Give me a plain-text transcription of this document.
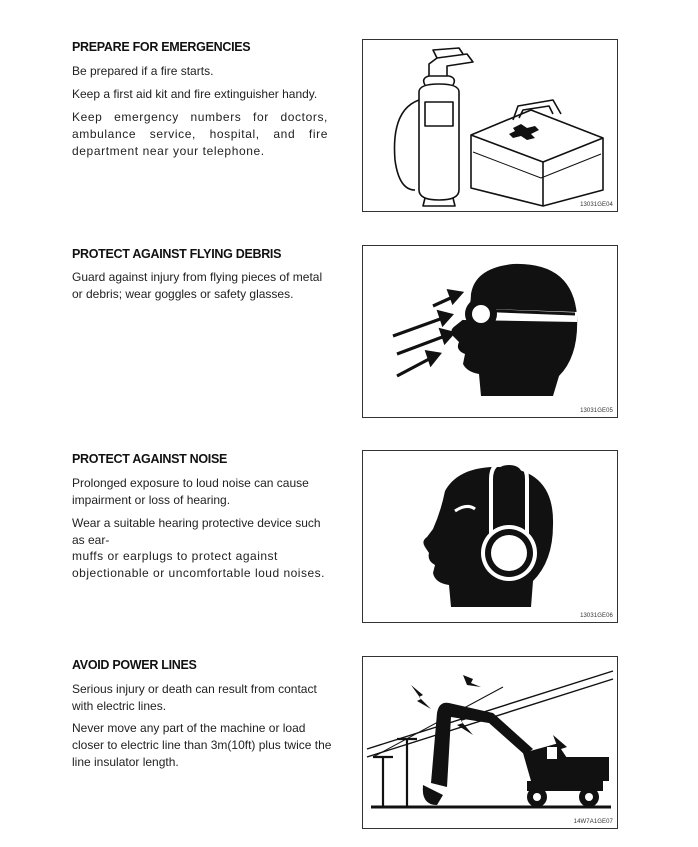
PREPARE FOR EMERGENCIES
Be prepared if a fire starts.
Keep a first aid kit and fire extinguisher handy.
Keep emergency numbers for doctors, ambulance service, hospital, and fire department near your telephone.
13031GE04
PROTECT AGAINST FLYING DEBRIS
Guard against injury from flying pieces of metal or debris; wear goggles or safety glasses.
13031GE05
PROTECT AGAINST NOISE
Prolonged exposure to loud noise can cause impairment or loss of hearing.
Wear a suitable hearing protective device such as ear-
muffs or earplugs to protect against objectionable or uncomfortable loud noises.
13031GE06
AVOID POWER LINES
Serious injury or death can result from contact with electric lines.
Never move any part of the machine or load closer to electric line than 3m(10ft) plus twice the line insulator length.
14W7A1GE07
